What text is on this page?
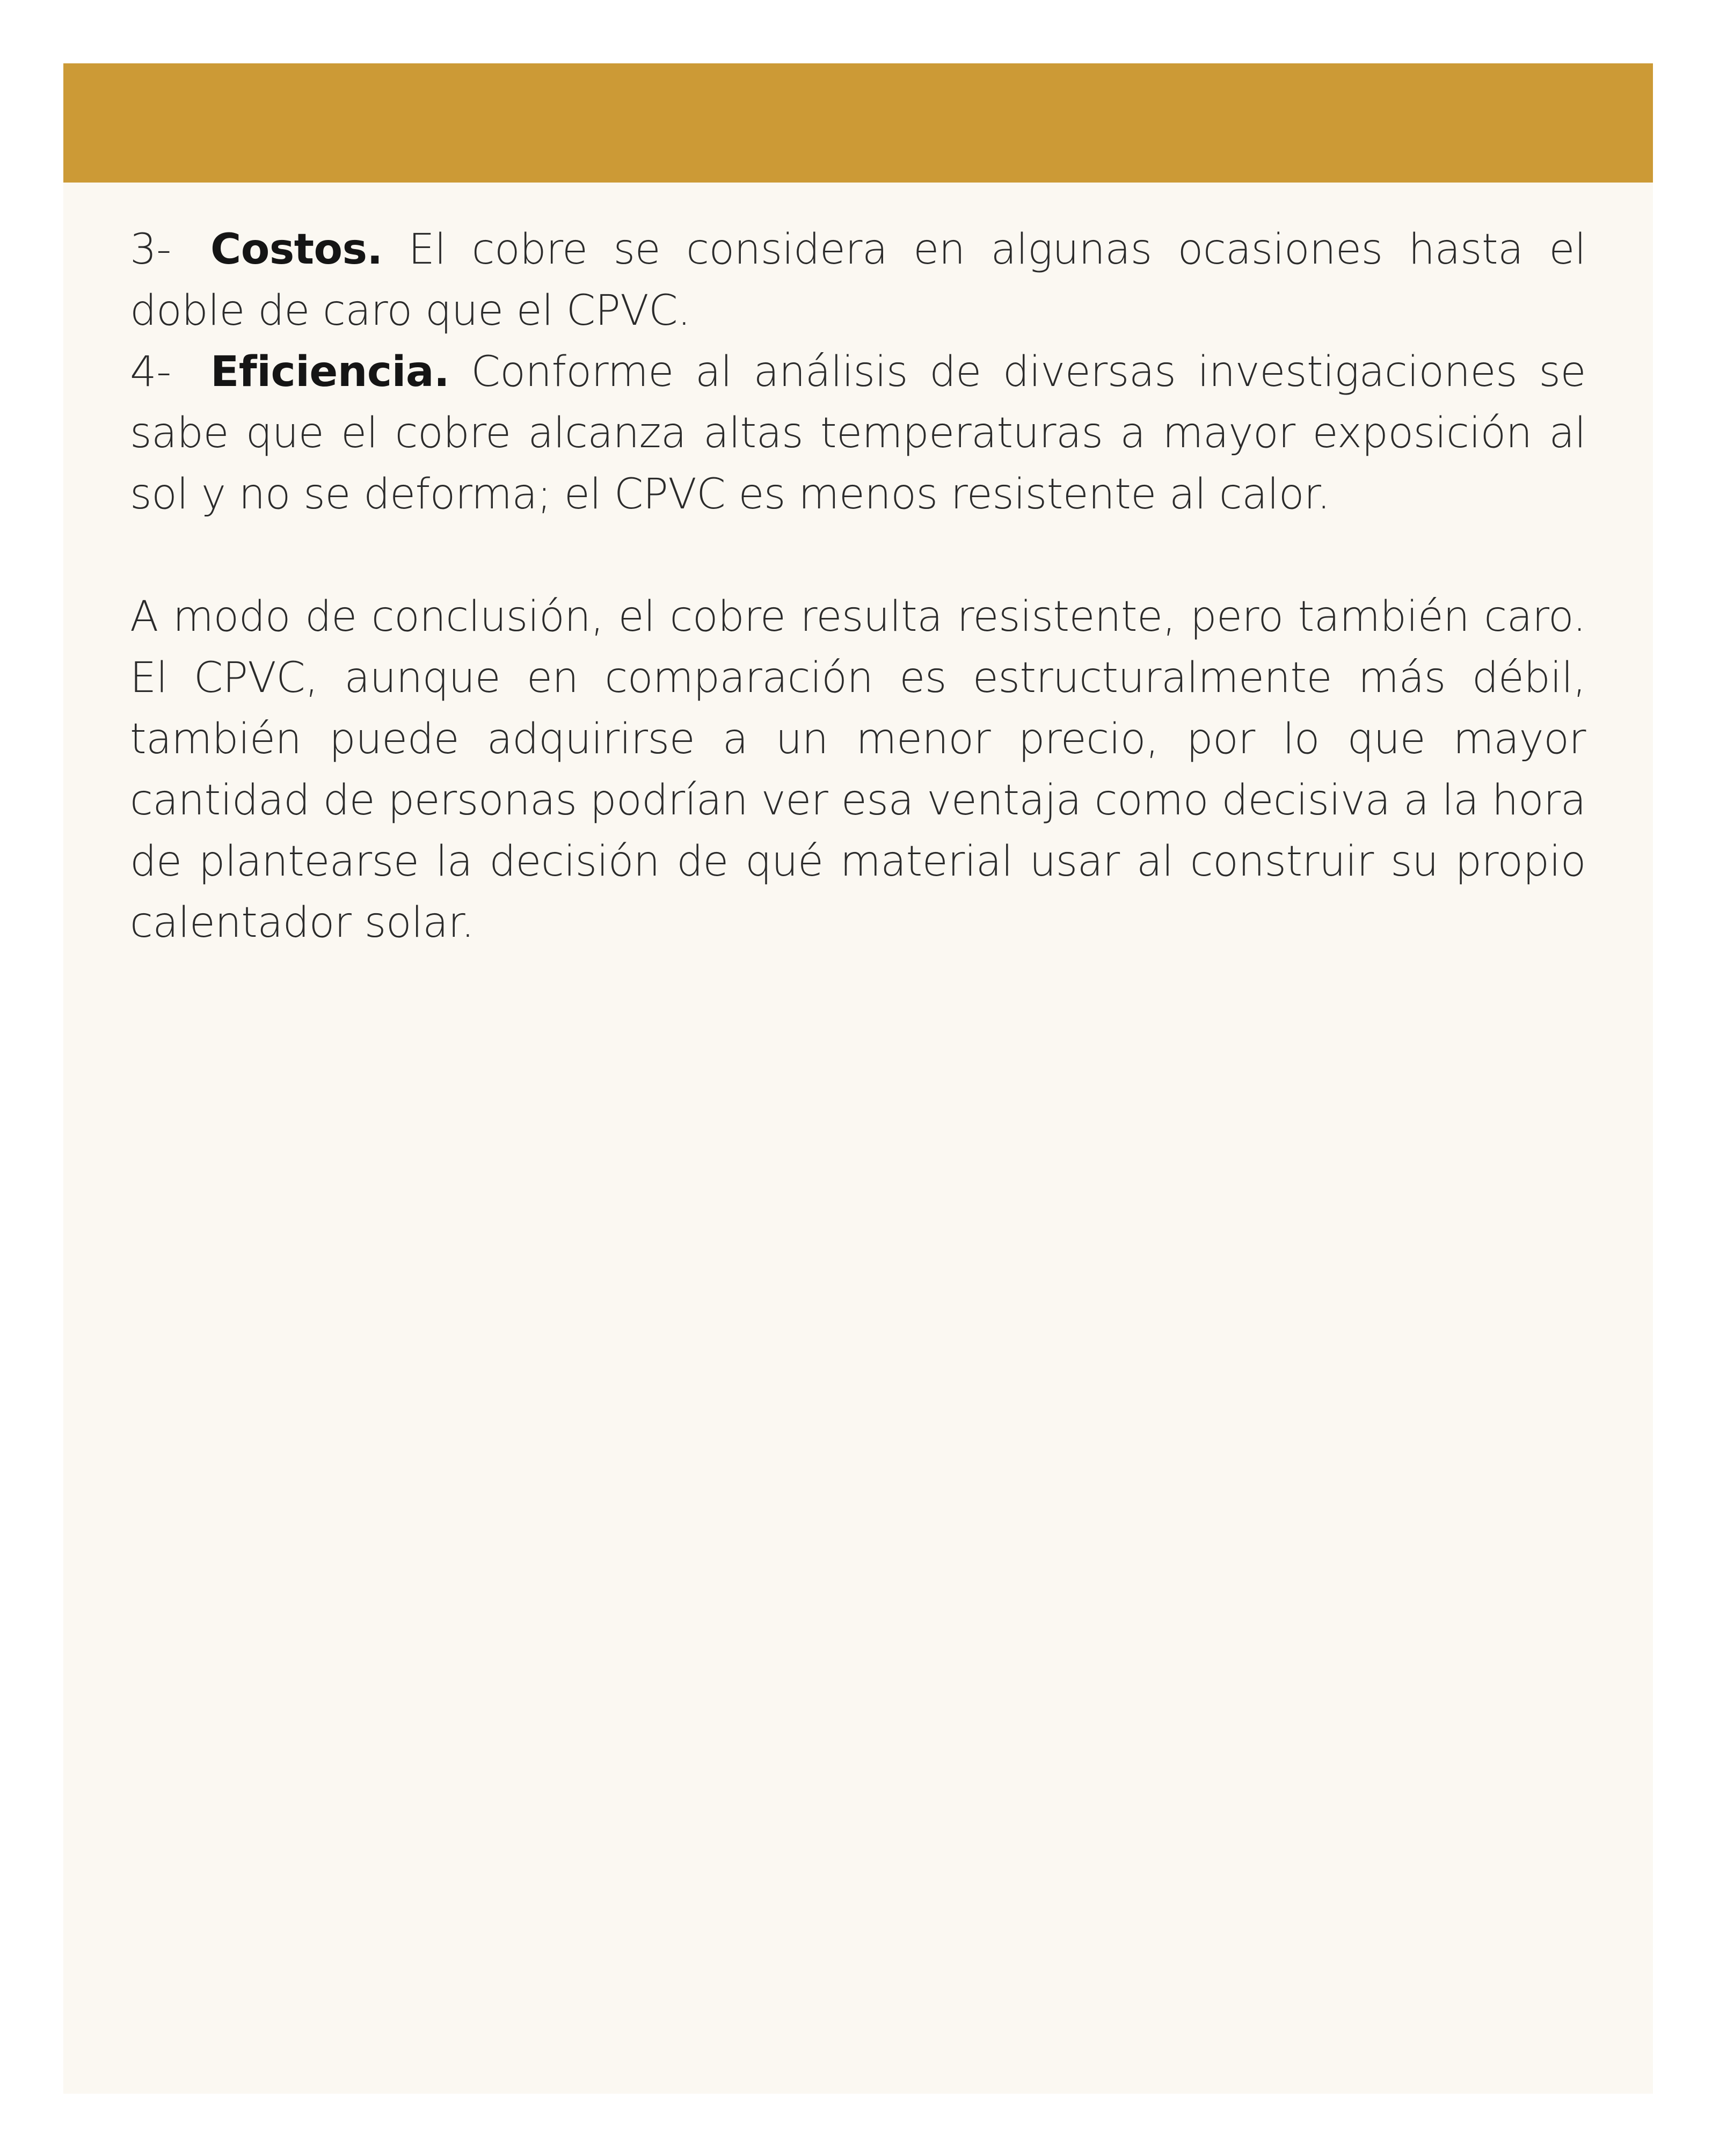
3- Costos. El cobre se considera en algunas ocasiones hasta el doble de caro que el CPVC.

4- Eficiencia. Conforme al análisis de diversas investigaciones se sabe que el cobre alcanza altas temperaturas a mayor exposición al sol y no se deforma; el CPVC es menos resistente al calor.

A modo de conclusión, el cobre resulta resistente, pero también caro. El CPVC, aunque en comparación es estructuralmente más débil, también puede adquirirse a un menor precio, por lo que mayor cantidad de personas podrían ver esa ventaja como decisiva a la hora de plantearse la decisión de qué material usar al construir su propio calentador solar.
